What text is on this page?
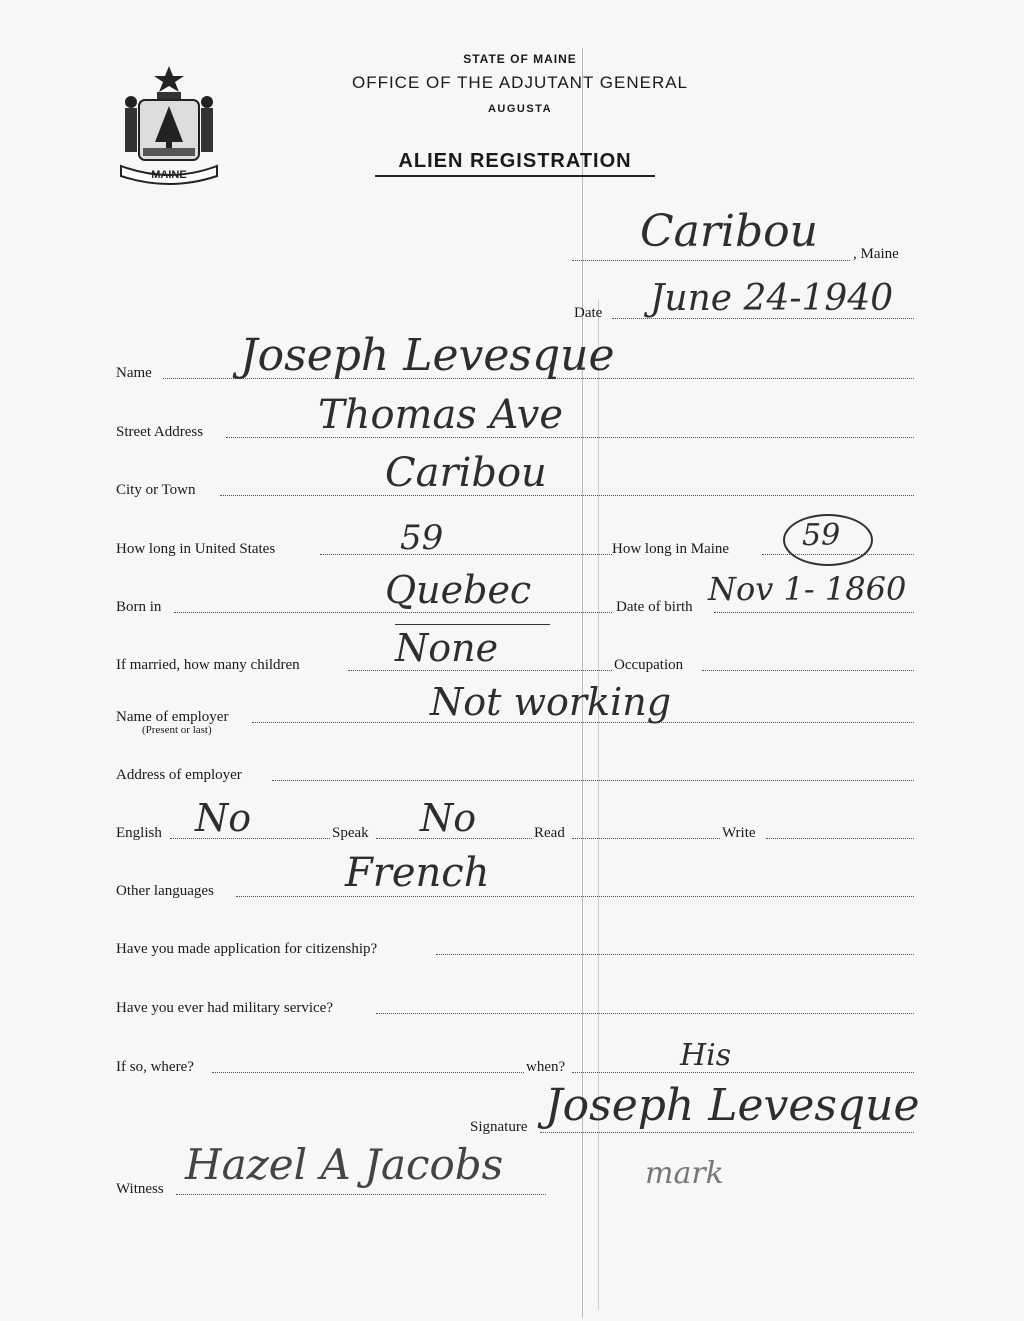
MAINE
STATE OF MAINE
OFFICE OF THE ADJUTANT GENERAL
AUGUSTA
ALIEN REGISTRATION
Caribou , Maine
Date June 24-1940
Name Joseph Levesque
Street Address	Thomas Ave
City or Town	Caribou
How long in United States	59	How long in Maine 59
Born in	Quebec	Date of birth Nov 1- 1860
If married, how many children	None	Occupation
Name of employer
(Present or last)
Not working
Address of employer
English No	Speak No	Read	Write
Other languages	French
Have you made application for citizenship?
Have you ever had military service?
If so, where?	when?	His
Signature Joseph Levesque
mark
Witness Hazel A Jacobs
